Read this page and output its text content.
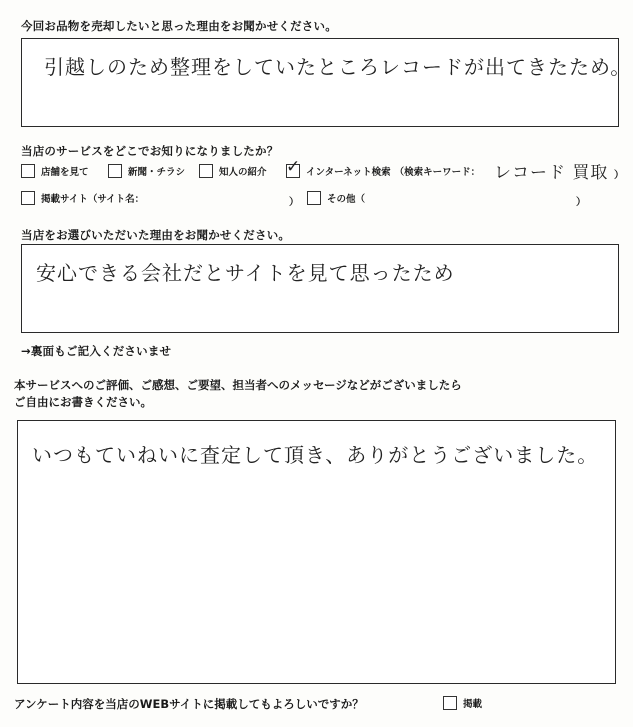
今回お品物を売却したいと思った理由をお聞かせください。
引越しのため整理をしていたところレコードが出てきたため。
当店のサービスをどこでお知りになりましたか？
店舗を見て	新聞・チラシ	知人の紹介 ✓ インターネット検索 （検索キーワード： レコード 買取 ）
掲載サイト（サイト名：	）	その他（	）
当店をお選びいただいた理由をお聞かせください。
安心できる会社だとサイトを見て思ったため
→裏面もご記入くださいませ
本サービスへのご評価、ご感想、ご要望、担当者へのメッセージなどがございましたら
ご自由にお書きください。
いつもていねいに査定して頂き、ありがとうございました。
アンケート内容を当店のWEBサイトに掲載してもよろしいですか？	掲載
